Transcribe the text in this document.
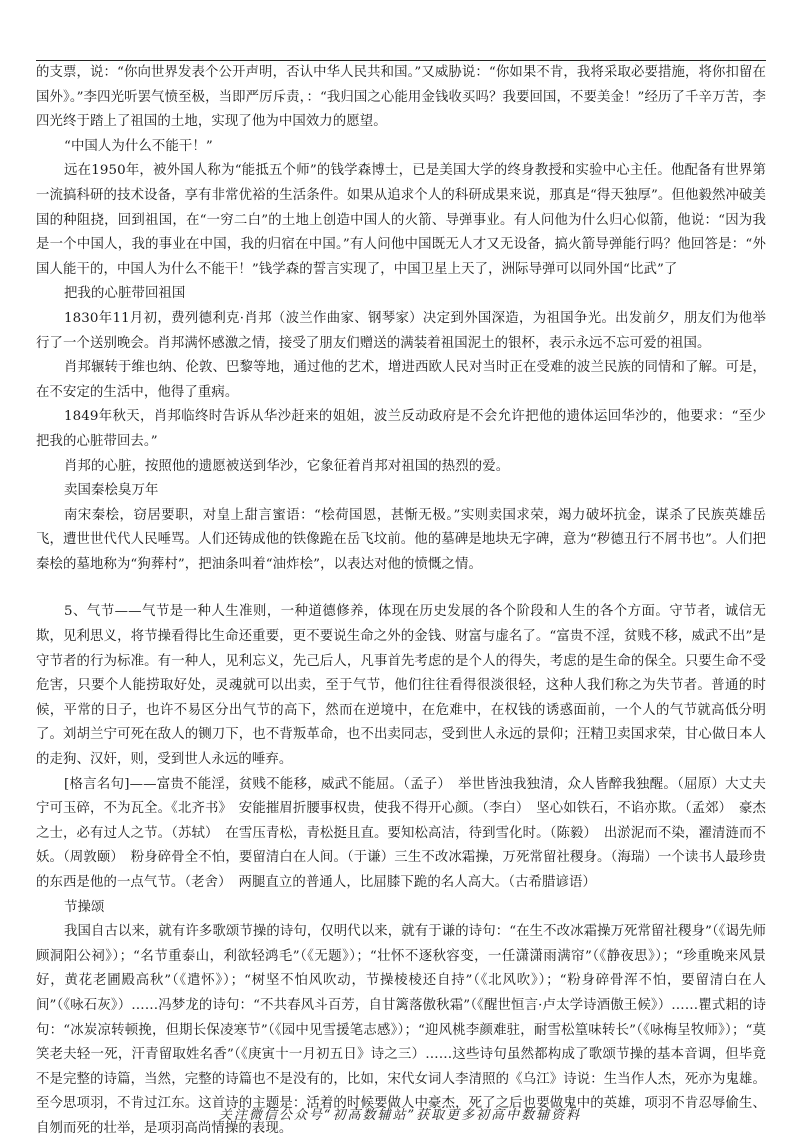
的支票，说：“你向世界发表个公开声明，否认中华人民共和国。”又威胁说：“你如果不肯，我将采取必要措施，将你扣留在国外》。”李四光听罢气愤至极，当即严厉斥责，：“我归国之心能用金钱收买吗？我要回国，不要美金！”经历了千辛万苦，李四光终于踏上了祖国的土地，实现了他为中国效力的愿望。
“中国人为什么不能干！”
远在1950年，被外国人称为“能抵五个师”的钱学森博士，已是美国大学的终身教授和实验中心主任。他配备有世界第一流搞科研的技术设备，享有非常优裕的生活条件。如果从追求个人的科研成果来说，那真是“得天独厚”。但他毅然冲破美国的种阻挠，回到祖国，在“一穷二白”的土地上创造中国人的火箭、导弹事业。有人问他为什么归心似箭，他说：“因为我是一个中国人，我的事业在中国，我的归宿在中国。”有人问他中国既无人才又无设备，搞火箭导弹能行吗？他回答是：“外国人能干的，中国人为什么不能干！”钱学森的誓言实现了，中国卫星上天了，洲际导弹可以同外国“比武”了
把我的心脏带回祖国
1830年11月初，费列德利克·肖邦（波兰作曲家、钢琴家）决定到外国深造，为祖国争光。出发前夕，朋友们为他举行了一个送别晚会。肖邦满怀感激之情，接受了朋友们赠送的满装着祖国泥土的银杯，表示永远不忘可爱的祖国。
肖邦辗转于维也纳、伦敦、巴黎等地，通过他的艺术，增进西欧人民对当时正在受难的波兰民族的同情和了解。可是，在不安定的生活中，他得了重病。
1849年秋天，肖邦临终时告诉从华沙赶来的姐姐，波兰反动政府是不会允许把他的遗体运回华沙的，他要求：“至少把我的心脏带回去。”
肖邦的心脏，按照他的遗愿被送到华沙，它象征着肖邦对祖国的热烈的爱。
卖国秦桧臭万年
南宋秦桧，窃居要职，对皇上甜言蜜语：“桧荷国恩，甚惭无极。”实则卖国求荣，竭力破坏抗金，谋杀了民族英雄岳飞，遭世世代代人民唾骂。人们还铸成他的铁像跪在岳飞坟前。他的墓碑是地块无字碑，意为“秽德丑行不屑书也”。人们把秦桧的墓地称为“狗葬村”，把油条叫着“油炸桧”，以表达对他的愤慨之情。
5、气节——气节是一种人生准则，一种道德修养，体现在历史发展的各个阶段和人生的各个方面。守节者，诚信无欺，见利思义，将节操看得比生命还重要，更不要说生命之外的金钱、财富与虚名了。“富贵不淫，贫贱不移，威武不出”是守节者的行为标准。有一种人，见利忘义，先己后人，凡事首先考虑的是个人的得失，考虑的是生命的保全。只要生命不受危害，只要个人能捞取好处，灵魂就可以出卖，至于气节，他们往往看得很淡很轻，这种人我们称之为失节者。普通的时候，平常的日子，也许不易区分出气节的高下，然而在逆境中，在危难中，在权钱的诱惑面前，一个人的气节就高低分明了。刘胡兰宁可死在敌人的铡刀下，也不背叛革命，也不出卖同志，受到世人永远的景仰；汪精卫卖国求荣，甘心做日本人的走狗、汉奸，则，受到世人永远的唾弃。
[格言名句]——富贵不能淫，贫贱不能移，威武不能屈。（孟子）　举世皆浊我独清，众人皆醉我独醒。（屈原）大丈夫宁可玉碎，不为瓦全。《北齐书》　安能摧眉折腰事权贵，使我不得开心颜。（李白）　坚心如铁石，不谄亦欺。（孟郊）　豪杰之士，必有过人之节。（苏轼）　在雪压青松，青松挺且直。要知松高洁，待到雪化时。（陈毅）　出淤泥而不染，濯清涟而不妖。（周敦颐）　粉身碎骨全不怕，要留清白在人间。（于谦）三生不改冰霜操，万死常留社稷身。（海瑞）一个读书人最珍贵的东西是他的一点气节。（老舍）　两腿直立的普通人，比屈膝下跪的名人高大。（古希腊谚语）
节操颂
我国自古以来，就有许多歌颂节操的诗句，仅明代以来，就有于谦的诗句：“在生不改冰霜操万死常留社稷身”（《谒先师顾洞阳公祠》）；“名节重泰山，利欲轻鸿毛”（《无题》）；“壮怀不逐秋容变，一任潇潇雨满帘”（《静夜思》）；“珍重晚来风景好，黄花老圃殿高秋”（《遣怀》）；“树坚不怕风吹动，节操棱棱还自持”（《北风吹》）；“粉身碎骨浑不怕，要留清白在人间”（《咏石灰》）……冯梦龙的诗句：“不共春风斗百芳，自甘篱落傲秋霜”（《醒世恒言·卢太学诗酒傲王候》）……瞿式耜的诗句：“冰炭凉转顿挽，但期长保凌寒节”（《园中见雪援笔志感》）；“迎风桃李颜难驻，耐雪松篁味转长”（《咏梅呈牧师》）；“莫笑老夫轻一死，汗青留取姓名香”（《庚寅十一月初五日》诗之三）……这些诗句虽然都构成了歌颂节操的基本音调，但毕竟不是完整的诗篇，当然，完整的诗篇也不是没有的，比如，宋代女词人李清照的《乌江》诗说：生当作人杰，死亦为鬼雄。至今思项羽，不肯过江东。这首诗的主题是：活着的时候要做人中豪杰，死了之后也要做鬼中的英雄，项羽不肯忍辱偷生、自刎而死的壮举，是项羽高尚情操的表现。
关注微信公众号“初高数辅站”获取更多初高中数辅资料
